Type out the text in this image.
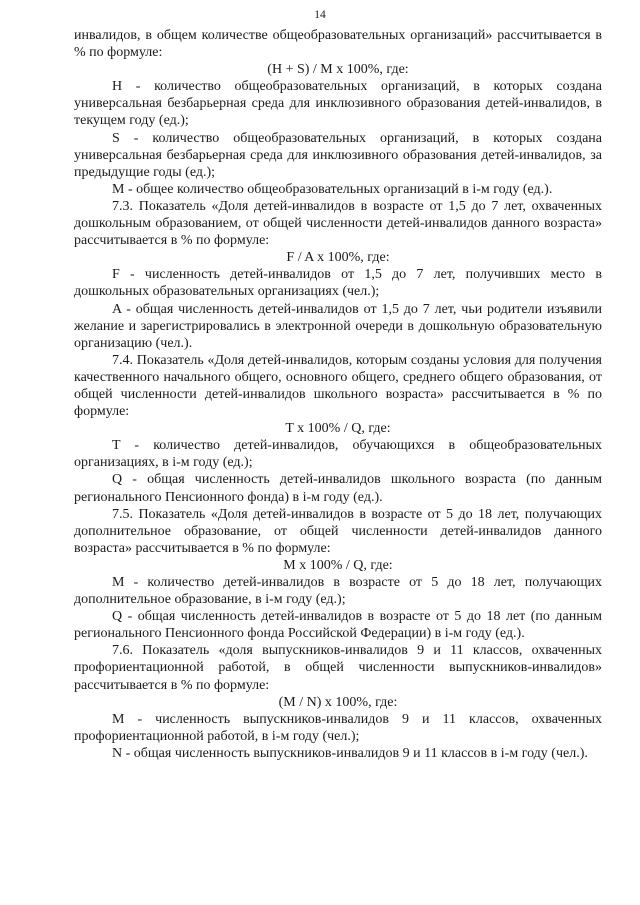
14

инвалидов, в общем количестве общеобразовательных организаций» рассчитывается в % по формуле:

(H + S) / M x 100%, где:

H - количество общеобразовательных организаций, в которых создана универсальная безбарьерная среда для инклюзивного образования детей-инвалидов, в текущем году (ед.);

S - количество общеобразовательных организаций, в которых создана универсальная безбарьерная среда для инклюзивного образования детей-инвалидов, за предыдущие годы (ед.);

M - общее количество общеобразовательных организаций в i-м году (ед.).

7.3. Показатель «Доля детей-инвалидов в возрасте от 1,5 до 7 лет, охваченных дошкольным образованием, от общей численности детей-инвалидов данного возраста» рассчитывается в % по формуле:

F / A x 100%, где:

F - численность детей-инвалидов от 1,5 до 7 лет, получивших место в дошкольных образовательных организациях (чел.);

A - общая численность детей-инвалидов от 1,5 до 7 лет, чьи родители изъявили желание и зарегистрировались в электронной очереди в дошкольную образовательную организацию (чел.).

7.4. Показатель «Доля детей-инвалидов, которым созданы условия для получения качественного начального общего, основного общего, среднего общего образования, от общей численности детей-инвалидов школьного возраста» рассчитывается в % по формуле:

T x 100% / Q, где:

T - количество детей-инвалидов, обучающихся в общеобразовательных организациях, в i-м году (ед.);

Q - общая численность детей-инвалидов школьного возраста (по данным регионального Пенсионного фонда) в i-м году (ед.).

7.5. Показатель «Доля детей-инвалидов в возрасте от 5 до 18 лет, получающих дополнительное образование, от общей численности детей-инвалидов данного возраста» рассчитывается в % по формуле:

M x 100% / Q, где:

M - количество детей-инвалидов в возрасте от 5 до 18 лет, получающих дополнительное образование, в i-м году (ед.);

Q - общая численность детей-инвалидов в возрасте от 5 до 18 лет (по данным регионального Пенсионного фонда Российской Федерации) в i-м году (ед.).

7.6. Показатель «доля выпускников-инвалидов 9 и 11 классов, охваченных профориентационной работой, в общей численности выпускников-инвалидов» рассчитывается в % по формуле:

(M / N) x 100%, где:

M - численность выпускников-инвалидов 9 и 11 классов, охваченных профориентационной работой, в i-м году (чел.);

N - общая численность выпускников-инвалидов 9 и 11 классов в i-м году (чел.).
